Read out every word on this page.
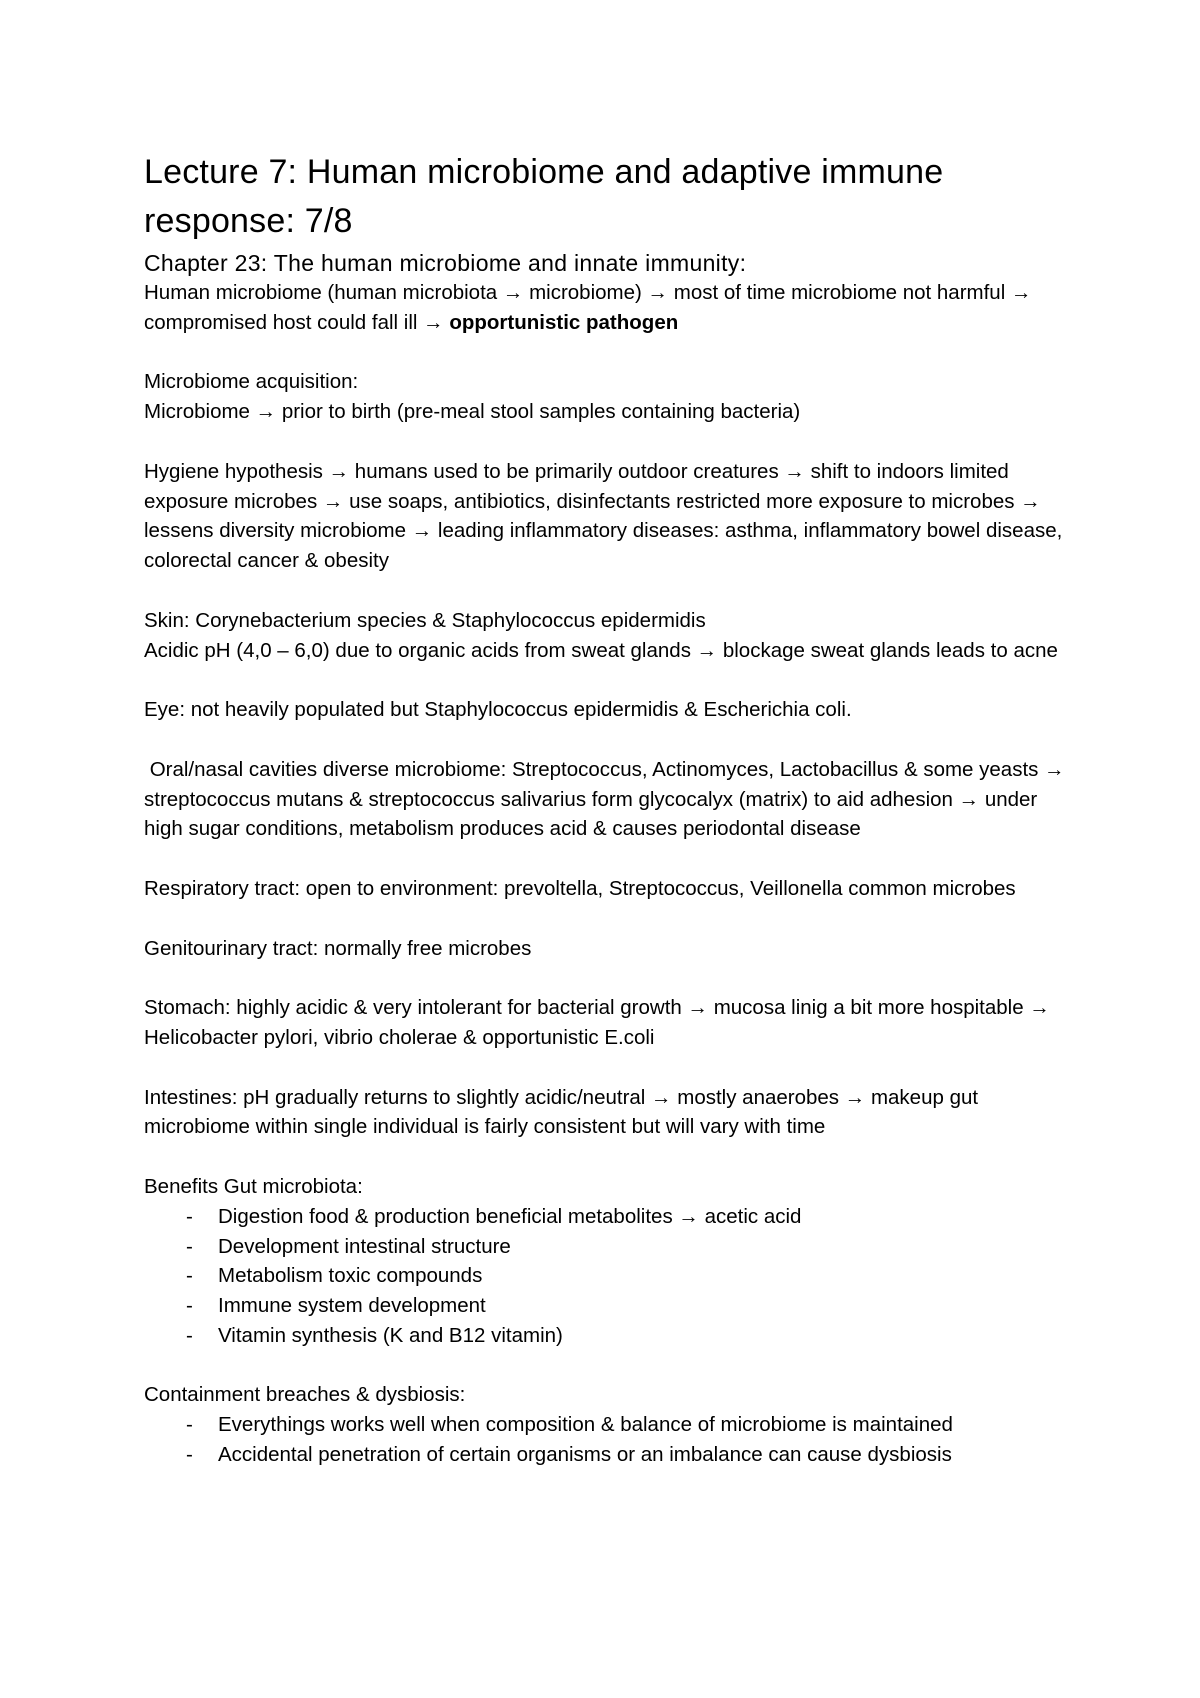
Lecture 7: Human microbiome and adaptive immune response: 7/8
Chapter 23: The human microbiome and innate immunity:

Human microbiome (human microbiota → microbiome) → most of time microbiome not harmful → compromised host could fall ill → opportunistic pathogen

Microbiome acquisition:

Microbiome → prior to birth (pre-meal stool samples containing bacteria)

Hygiene hypothesis → humans used to be primarily outdoor creatures → shift to indoors limited exposure microbes → use soaps, antibiotics, disinfectants restricted more exposure to microbes → lessens diversity microbiome → leading inflammatory diseases: asthma, inflammatory bowel disease, colorectal cancer & obesity

Skin: Corynebacterium species & Staphylococcus epidermidis

Acidic pH (4,0 – 6,0) due to organic acids from sweat glands → blockage sweat glands leads to acne

Eye: not heavily populated but Staphylococcus epidermidis & Escherichia coli.

Oral/nasal cavities diverse microbiome: Streptococcus, Actinomyces, Lactobacillus & some yeasts → streptococcus mutans & streptococcus salivarius form glycocalyx (matrix) to aid adhesion → under high sugar conditions, metabolism produces acid & causes periodontal disease

Respiratory tract: open to environment: prevoltella, Streptococcus, Veillonella common microbes

Genitourinary tract: normally free microbes

Stomach: highly acidic & very intolerant for bacterial growth → mucosa linig a bit more hospitable → Helicobacter pylori, vibrio cholerae & opportunistic E.coli

Intestines: pH gradually returns to slightly acidic/neutral → mostly anaerobes → makeup gut microbiome within single individual is fairly consistent but will vary with time

Benefits Gut microbiota:

- Digestion food & production beneficial metabolites → acetic acid
- Development intestinal structure
- Metabolism toxic compounds
- Immune system development
- Vitamin synthesis (K and B12 vitamin)

Containment breaches & dysbiosis:

- Everythings works well when composition & balance of microbiome is maintained
- Accidental penetration of certain organisms or an imbalance can cause dysbiosis
